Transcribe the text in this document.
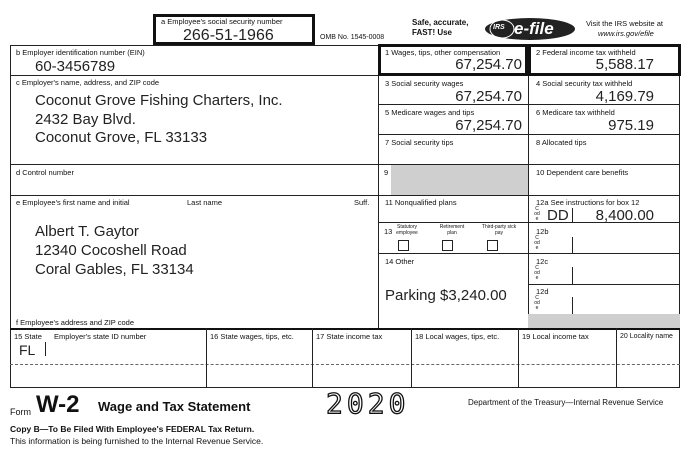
a Employee's social security number
266-51-1966	OMB No. 1545-0008
Safe, accurate,
FAST! Use
IRS e-file	Visit the IRS website at
www.irs.gov/efile
b Employer identification number (EIN)
60-3456789
c Employer's name, address, and ZIP code
Coconut Grove Fishing Charters, Inc.
2432 Bay Blvd.
Coconut Grove, FL 33133
d Control number
e Employee's first name and initial	Last name	Suff.
Albert T. Gaytor
12340 Cocoshell Road
Coral Gables, FL 33134
f Employee's address and ZIP code
1 Wages, tips, other compensation
67,254.70
2 Federal income tax withheld
5,588.17
3 Social security wages
67,254.70
4 Social security tax withheld
4,169.79
5 Medicare wages and tips
67,254.70
6 Medicare tax withheld
975.19
7 Social security tips	8 Allocated tips
9	10 Dependent care benefits
11 Nonqualified plans
13 Statutory employee
Retirement plan
Third-party sick pay
14 Other
Parking $3,240.00
12a See instructions for box 12
Code DD	8,400.00
12b
Code
12c
Code
12d
Code
15 State Employer's state ID number
FL
16 State wages, tips, etc.	17 State income tax	18 Local wages, tips, etc.	19 Local income tax	20 Locality name
Form W-2 Wage and Tax Statement	2020	Department of the Treasury—Internal Revenue Service
Copy B—To Be Filed With Employee's FEDERAL Tax Return.
This information is being furnished to the Internal Revenue Service.
